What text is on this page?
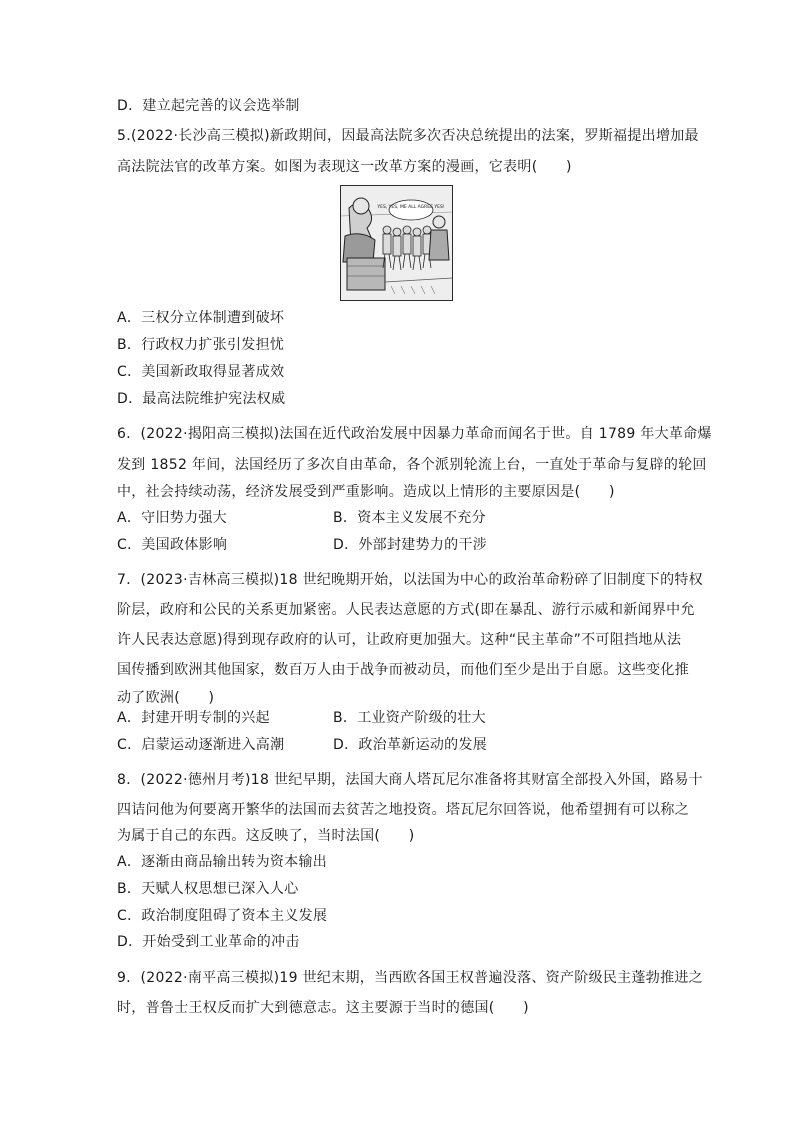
D．建立起完善的议会选举制
5.(2022·长沙高三模拟)新政期间，因最高法院多次否决总统提出的法案，罗斯福提出增加最
高法院法官的改革方案。如图为表现这一改革方案的漫画，它表明(　　)
YES, YES, ME ALL AGREE YES!
A．三权分立体制遭到破坏
B．行政权力扩张引发担忧
C．美国新政取得显著成效
D．最高法院维护宪法权威
6．(2022·揭阳高三模拟)法国在近代政治发展中因暴力革命而闻名于世。自 1789 年大革命爆
发到 1852 年间，法国经历了多次自由革命，各个派别轮流上台，一直处于革命与复辟的轮回
中，社会持续动荡，经济发展受到严重影响。造成以上情形的主要原因是(　　)
A．守旧势力强大	B．资本主义发展不充分
C．美国政体影响	D．外部封建势力的干涉
7．(2023·吉林高三模拟)18 世纪晚期开始，以法国为中心的政治革命粉碎了旧制度下的特权
阶层，政府和公民的关系更加紧密。人民表达意愿的方式(即在暴乱、游行示威和新闻界中允
许人民表达意愿)得到现存政府的认可，让政府更加强大。这种“民主革命”不可阻挡地从法
国传播到欧洲其他国家，数百万人由于战争而被动员，而他们至少是出于自愿。这些变化推
动了欧洲(　　)
A．封建开明专制的兴起	B．工业资产阶级的壮大
C．启蒙运动逐渐进入高潮	D．政治革新运动的发展
8．(2022·德州月考)18 世纪早期，法国大商人塔瓦尼尔准备将其财富全部投入外国，路易十
四诘问他为何要离开繁华的法国而去贫苦之地投资。塔瓦尼尔回答说，他希望拥有可以称之
为属于自己的东西。这反映了，当时法国(　　)
A．逐渐由商品输出转为资本输出
B．天赋人权思想已深入人心
C．政治制度阻碍了资本主义发展
D．开始受到工业革命的冲击
9．(2022·南平高三模拟)19 世纪末期，当西欧各国王权普遍没落、资产阶级民主蓬勃推进之
时，普鲁士王权反而扩大到德意志。这主要源于当时的德国(　　)
